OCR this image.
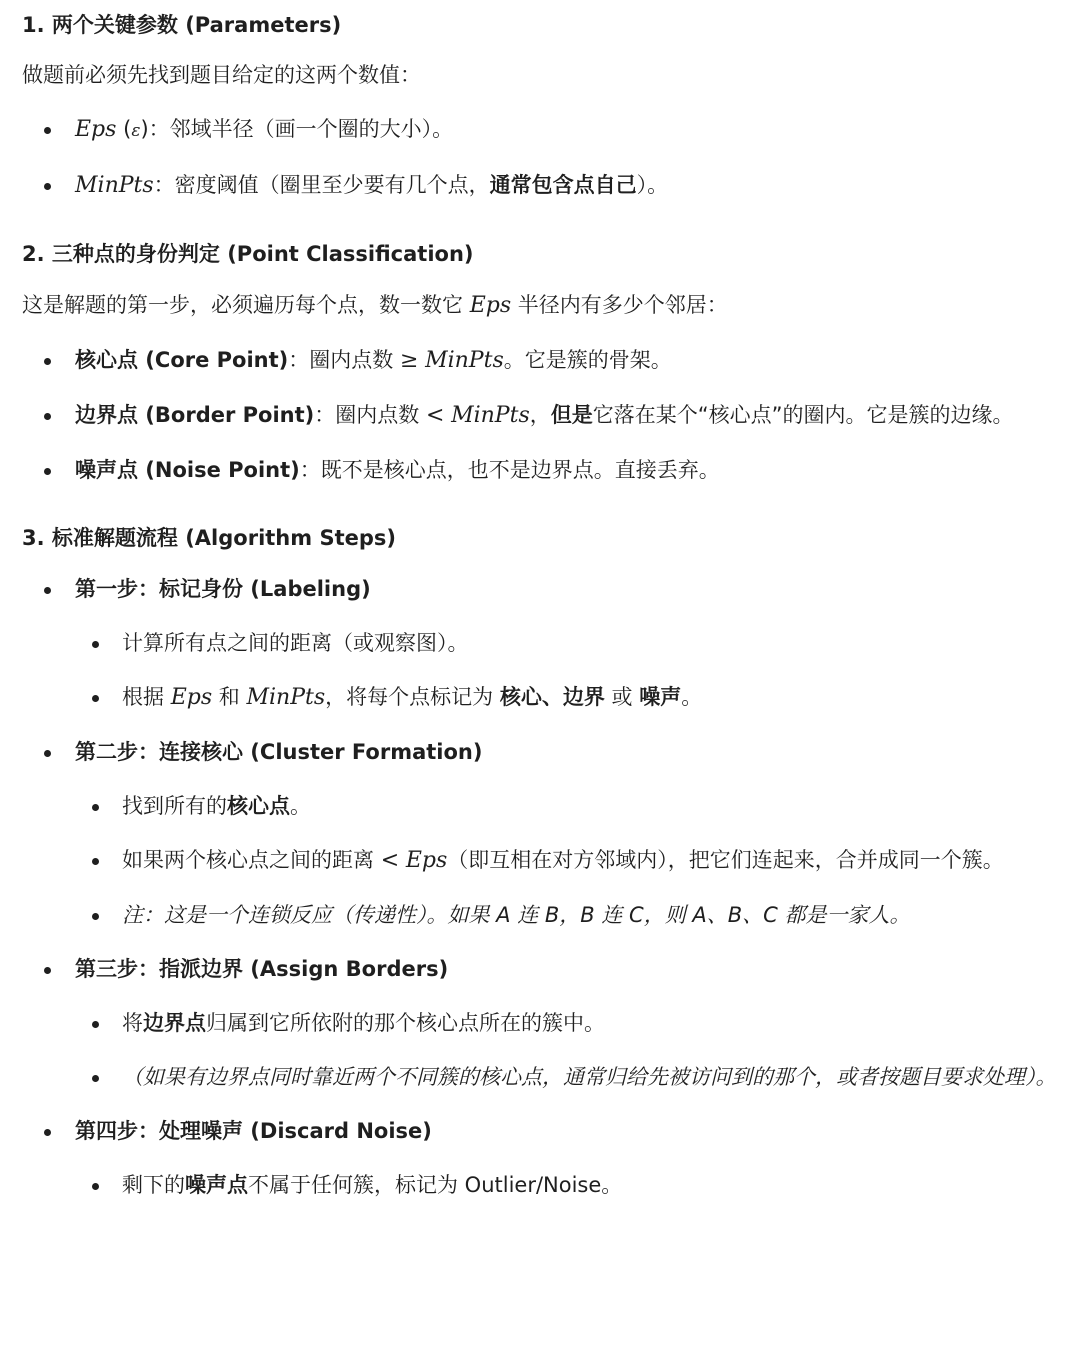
1. 两个关键参数 (Parameters)

做题前必须先找到题目给定的这两个数值：

Eps (ε)：邻域半径（画一个圈的大小）。
MinPts：密度阈值（圈里至少要有几个点，通常包含点自己）。
2. 三种点的身份判定 (Point Classification)

这是解题的第一步，必须遍历每个点，数一数它 Eps 半径内有多少个邻居：

核心点 (Core Point)：圈内点数 ≥ MinPts。它是簇的骨架。
边界点 (Border Point)：圈内点数 < MinPts，但是它落在某个“核心点”的圈内。它是簇的边缘。
噪声点 (Noise Point)：既不是核心点，也不是边界点。直接丢弃。
3. 标准解题流程 (Algorithm Steps)
第一步：标记身份 (Labeling)
计算所有点之间的距离（或观察图）。
根据 Eps 和 MinPts，将每个点标记为 核心、边界 或 噪声。
第二步：连接核心 (Cluster Formation)
找到所有的核心点。
如果两个核心点之间的距离 < Eps（即互相在对方邻域内），把它们连起来，合并成同一个簇。
注：这是一个连锁反应（传递性）。如果 A 连 B，B 连 C，则 A、B、C 都是一家人。
第三步：指派边界 (Assign Borders)
将边界点归属到它所依附的那个核心点所在的簇中。
（如果有边界点同时靠近两个不同簇的核心点，通常归给先被访问到的那个，或者按题目要求处理）。
第四步：处理噪声 (Discard Noise)
剩下的噪声点不属于任何簇，标记为 Outlier/Noise。
